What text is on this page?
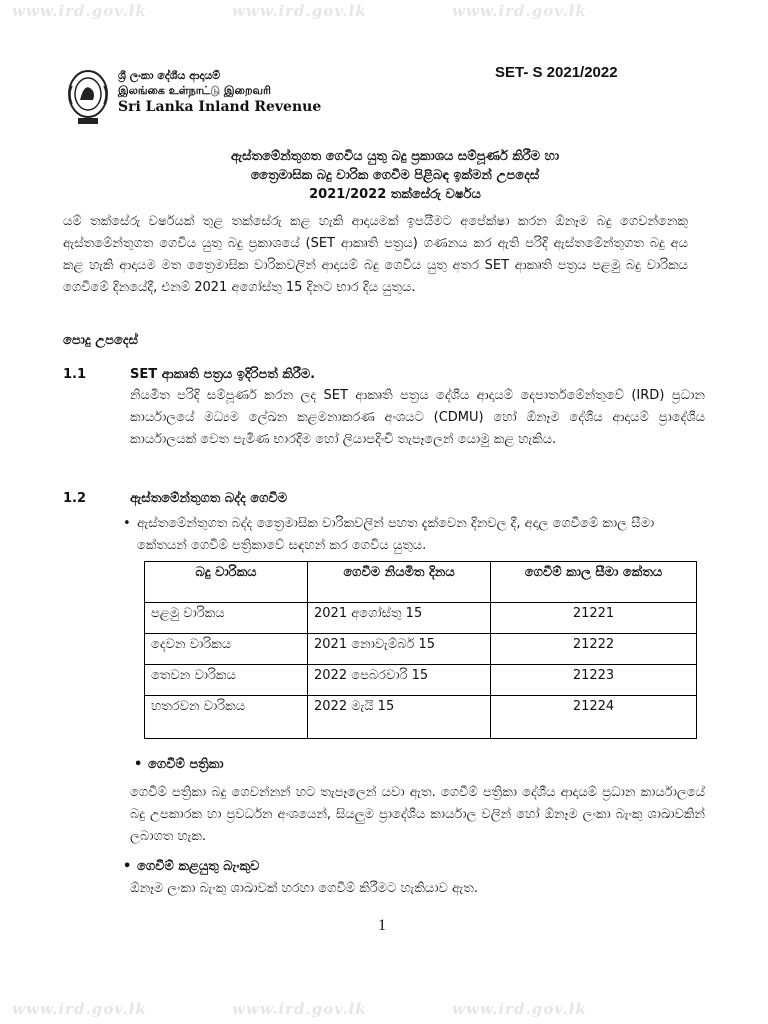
www.ird.gov.lk	www.ird.gov.lk	www.ird.gov.lk
www.ird.gov.lk	www.ird.gov.lk	www.ird.gov.lk
ශ්‍රී ලංකා දේශීය ආදායම්
இலங்கை உள்நாட்டு இறைவரி
Sri Lanka Inland Revenue
SET- S 2021/2022
ඇස්තමේන්තුගත ගෙවිය යුතු බදු ප්‍රකාශය සම්පූර්ණ කිරීම හා
ත්‍රෛමාසික බදු වාරික ගෙවීම පිළිබඳ ඉක්මන් උපදෙස්
2021/2022 තක්සේරු වර්ෂය
යම් තක්සේරු වර්ෂයක් තුළ තක්සේරු කළ හැකි ආදායමක් ඉපයීමට අපේක්ෂා කරන ඕනෑම බදු ගෙවන්නෙකු ඇස්තමේන්තුගත ගෙවිය යුතු බදු ප්‍රකාශයේ (SET ආකෘති පත්‍රය) ගණනය කර ඇති පරිදි ඇස්තමේන්තුගත බදු අය කළ හැකි ආදායම මත ත්‍රෛමාසික වාරිකවලින් ආදායම් බදු ගෙවිය යුතු අතර SET ආකෘති පත්‍රය පළමු බදු වාරිකය ගෙවීමේ දිනයේදී, එනම් 2021 අගෝස්තු 15 දිනට භාර දිය යුතුය.
පොදු උපදෙස්
1.1	SET ආකෘති පත්‍රය ඉදිරිපත් කිරීම.
නියමිත පරිදි සම්පූර්ණ කරන ලද SET ආකෘති පත්‍රය දේශීය ආදායම් දෙපාර්තමේන්තුවේ (IRD) ප්‍රධාන කාර්යාලයේ මධ්‍යම ලේඛන කළමනාකරණ අංශයට (CDMU) හෝ ඕනෑම දේශීය ආදායම් ප්‍රාදේශීය කාර්යාලයක් වෙත පැමිණ භාරදීම හෝ ලියාපදිංචි තැපෑලෙන් යොමු කළ හැකිය.
1.2	ඇස්තමේන්තුගත බද්ද ගෙවීම
• ඇස්තමේන්තුගත බද්ද ත්‍රෛමාසික වාරිකවලින් පහත දැක්වෙන දිනවල දී, අදාල ගෙවීමේ කාල සීමා කේතයන් ගෙවීම් පත්‍රිකාවේ සඳහන් කර ගෙවිය යුතුය.
බදු වාරිකය	ගෙවීම නියමිත දිනය	ගෙවීම් කාල සීමා කේතය
පළමු වාරිකය	2021 අගෝස්තු 15	21221
දෙවන වාරිකය	2021 නොවැම්බර් 15	21222
තෙවන වාරිකය	2022 පෙබරවාරි 15	21223
හතරවන වාරිකය	2022 මැයි 15	21224
• ගෙවීම් පත්‍රිකා
ගෙවීම් පත්‍රිකා බදු ගෙවන්නන් හට තැපෑලෙන් යවා ඇත. ගෙවීම් පත්‍රිකා දේශීය ආදායම් ප්‍රධාන කාර්යාලයේ බදු උපකාරක හා ප්‍රවර්ධන අංශයෙන්, සියලුම ප්‍රාදේශීය කාර්යාල වලින් හෝ ඕනෑම ලංකා බැංකු ශාඛාවකින් ලබාගත හැක.
• ගෙවීම් කළයුතු බැංකුව
ඕනෑම ලංකා බැංකු ශාඛාවක් හරහා ගෙවීම් කිරීමට හැකියාව ඇත.
1
